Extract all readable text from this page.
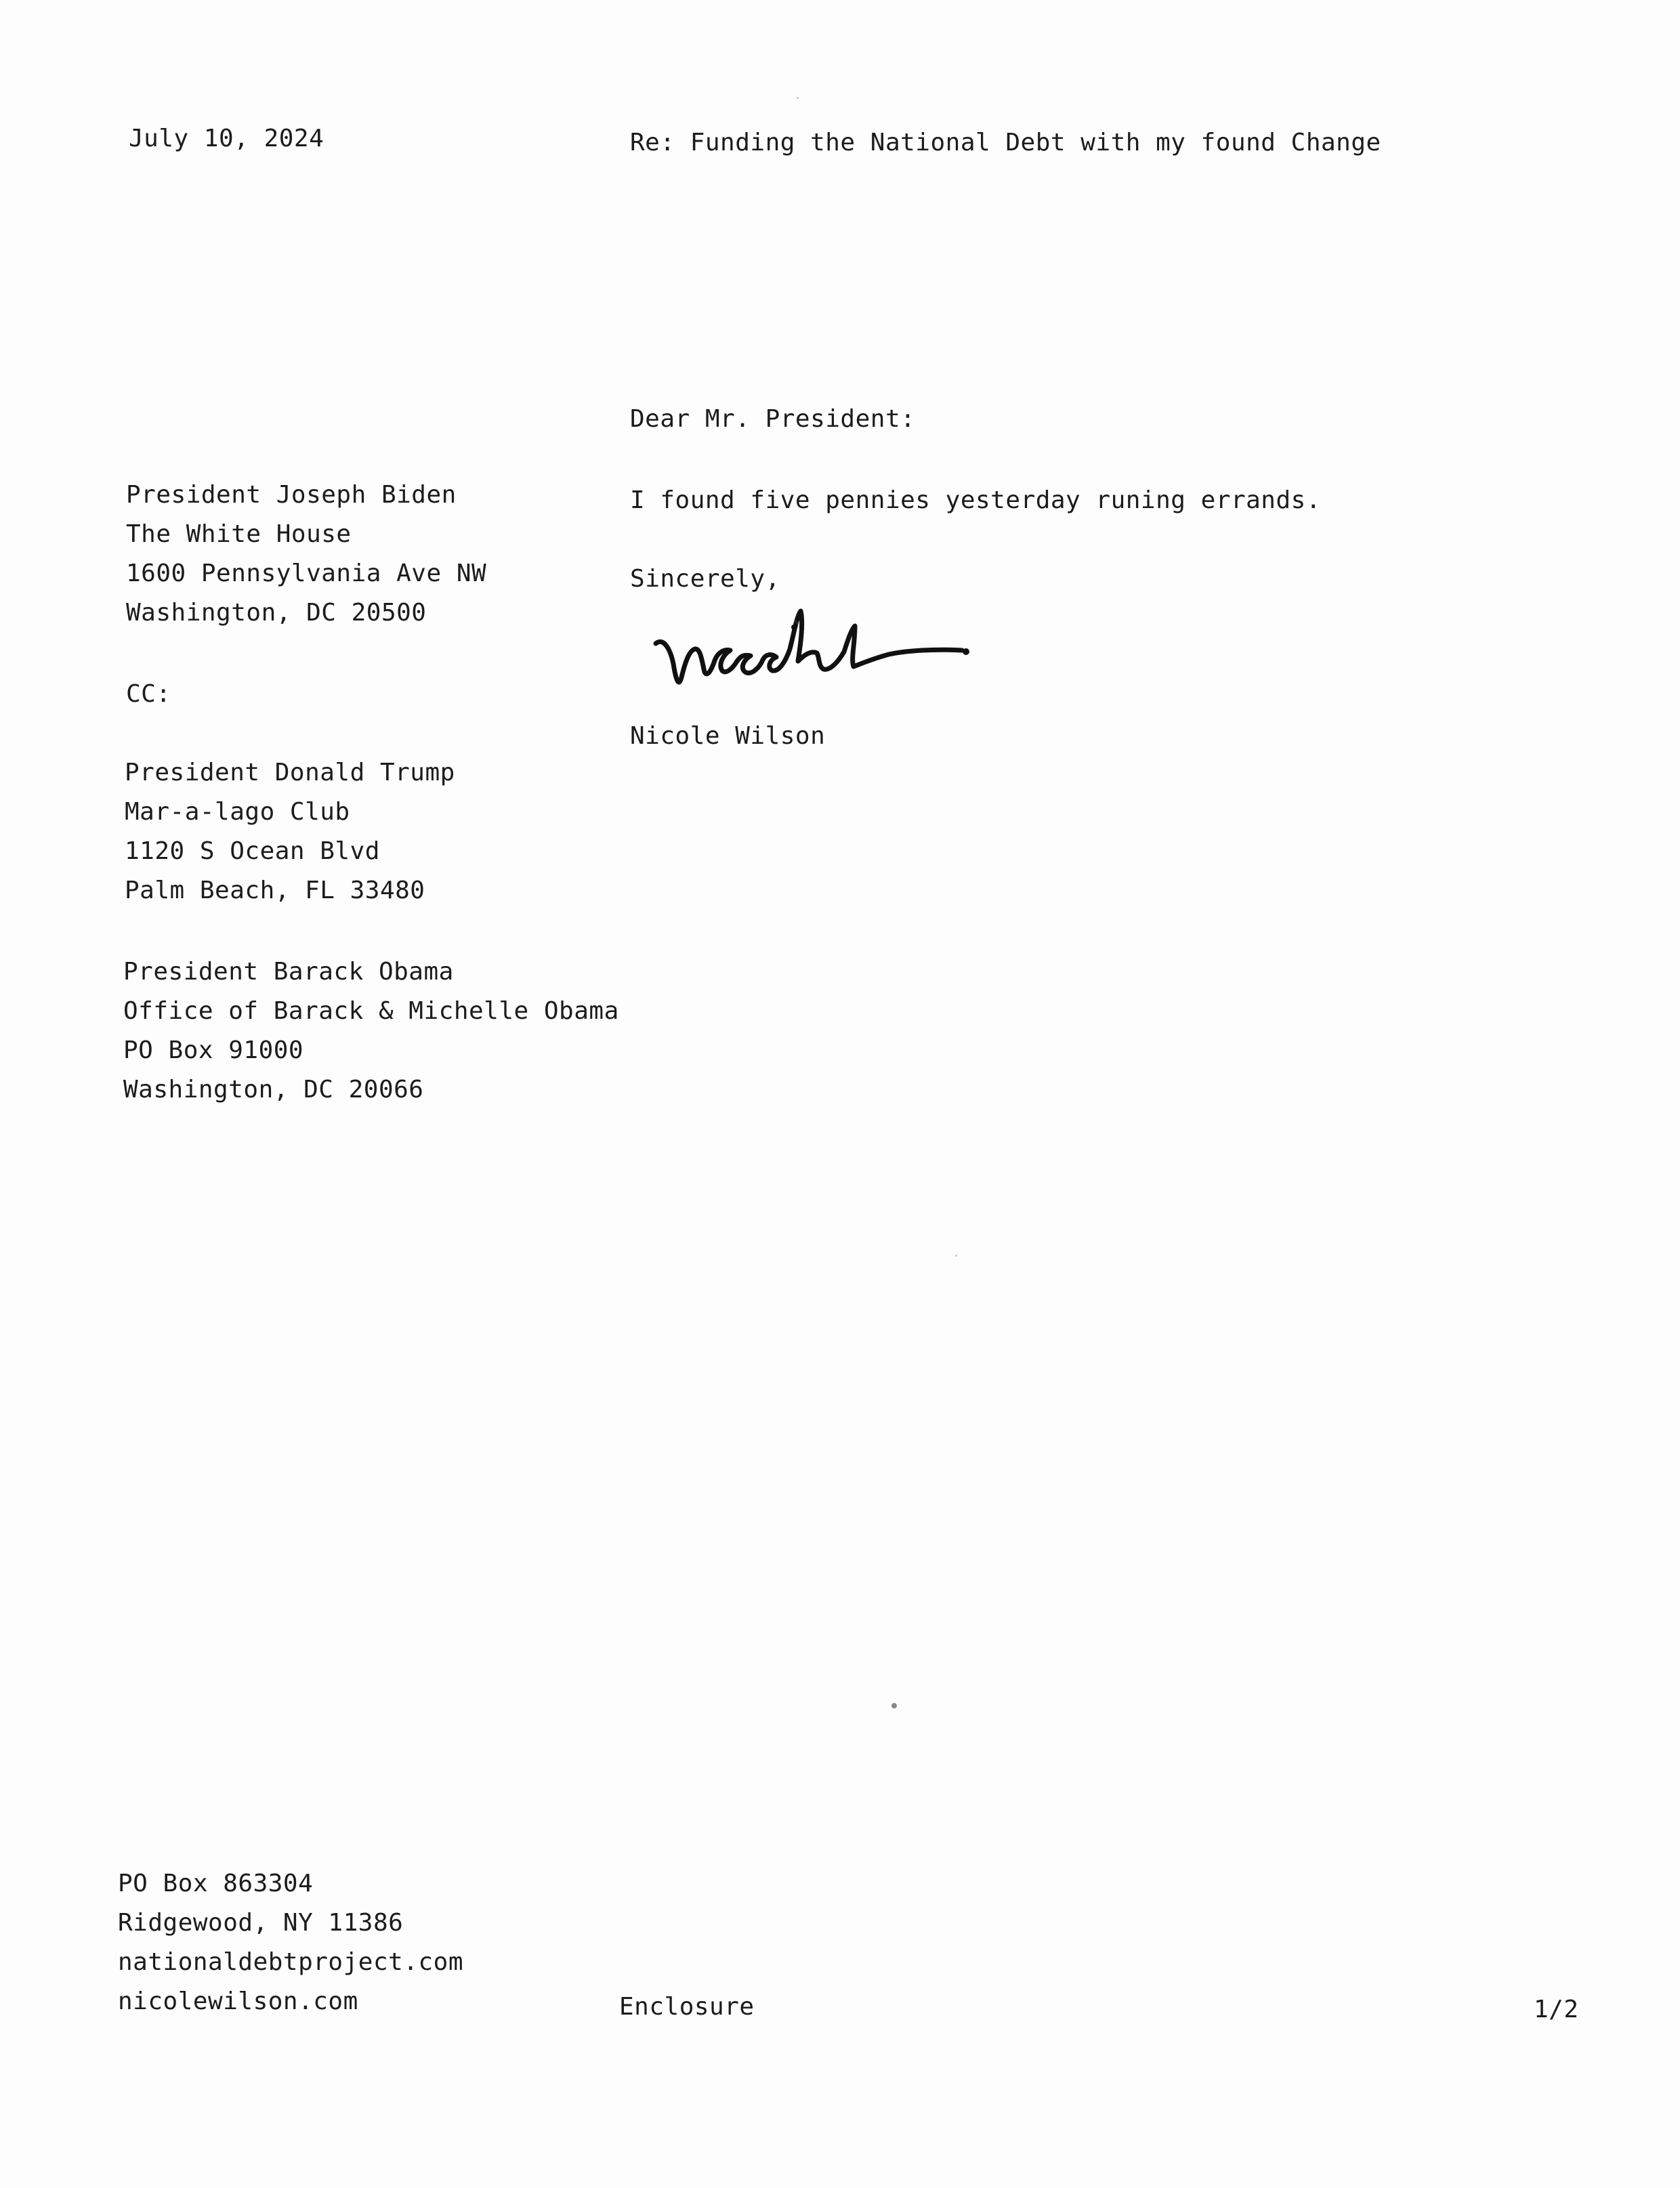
July 10, 2024	Re: Funding the National Debt with my found Change
Dear Mr. President:
I found five pennies yesterday runing errands.
Sincerely,
Nicole Wilson
President Joseph Biden
The White House
1600 Pennsylvania Ave NW
Washington, DC 20500
CC:
President Donald Trump
Mar-a-lago Club
1120 S Ocean Blvd
Palm Beach, FL 33480
President Barack Obama
Office of Barack & Michelle Obama
PO Box 91000
Washington, DC 20066
PO Box 863304
Ridgewood, NY 11386
nationaldebtproject.com
nicolewilson.com	Enclosure	1/2
